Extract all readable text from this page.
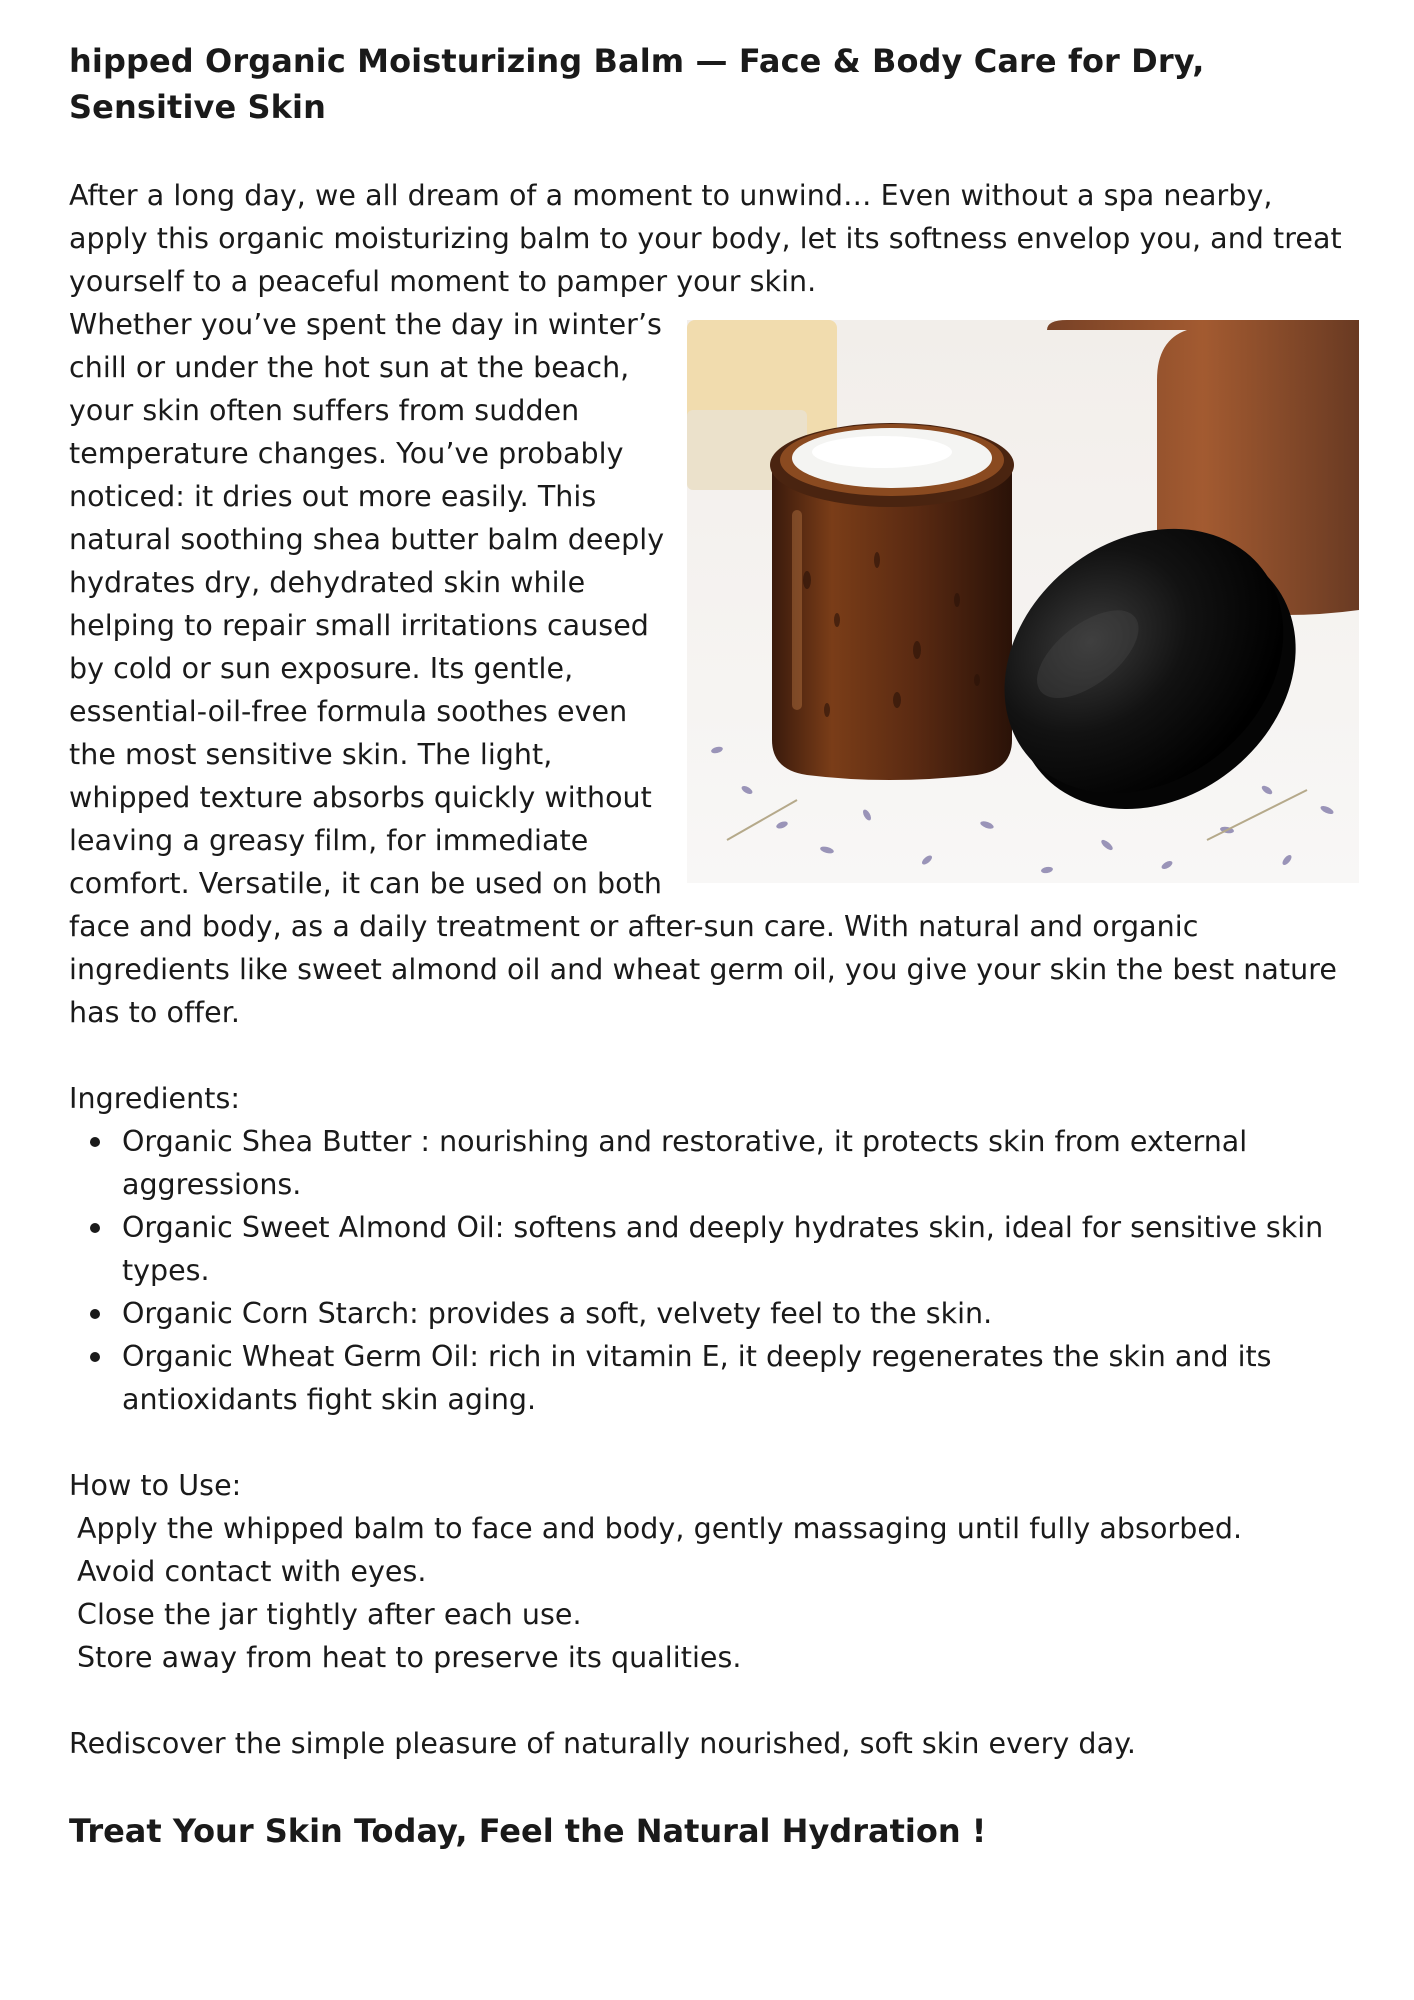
hipped Organic Moisturizing Balm — Face & Body Care for Dry, Sensitive Skin

After a long day, we all dream of a moment to unwind… Even without a spa nearby, apply this organic moisturizing balm to your body, let its softness envelop you, and treat yourself to a peaceful moment to pamper your skin.

Whether you’ve spent the day in winter’s chill or under the hot sun at the beach, your skin often suffers from sudden temperature changes. You’ve probably noticed: it dries out more easily. This natural soothing shea butter balm deeply hydrates dry, dehydrated skin while helping to repair small irritations caused by cold or sun exposure. Its gentle, essential-oil-free formula soothes even the most sensitive skin. The light, whipped texture absorbs quickly without leaving a greasy film, for immediate comfort. Versatile, it can be used on both face and body, as a daily treatment or after-sun care. With natural and organic ingredients like sweet almond oil and wheat germ oil, you give your skin the best nature has to offer.

Ingredients:

Organic Shea Butter : nourishing and restorative, it protects skin from external aggressions.
Organic Sweet Almond Oil: softens and deeply hydrates skin, ideal for sensitive skin types.
Organic Corn Starch: provides a soft, velvety feel to the skin.
Organic Wheat Germ Oil: rich in vitamin E, it deeply regenerates the skin and its antioxidants fight skin aging.

How to Use:

Apply the whipped balm to face and body, gently massaging until fully absorbed.

Avoid contact with eyes.

Close the jar tightly after each use.

Store away from heat to preserve its qualities.

Rediscover the simple pleasure of naturally nourished, soft skin every day.

Treat Your Skin Today, Feel the Natural Hydration !
